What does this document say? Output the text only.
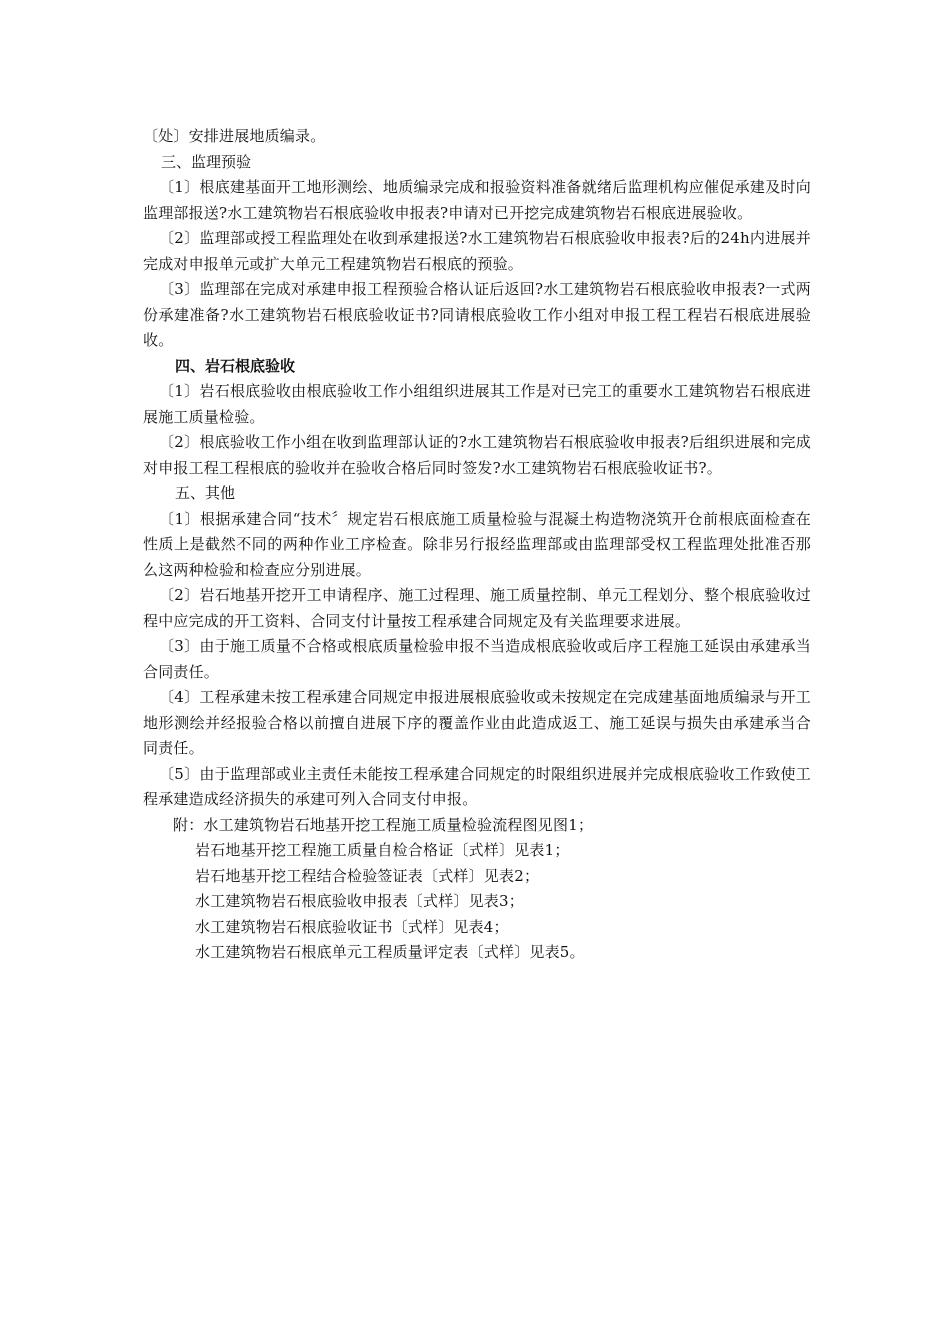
〔处〕安排进展地质编录。

三、监理预验

〔1〕根底建基面开工地形测绘、地质编录完成和报验资料准备就绪后监理机构应催促承建及时向监理部报送?水工建筑物岩石根底验收申报表?申请对已开挖完成建筑物岩石根底进展验收。

〔2〕监理部或授工程监理处在收到承建报送?水工建筑物岩石根底验收申报表?后的24h内进展并完成对申报单元或扩大单元工程建筑物岩石根底的预验。

〔3〕监理部在完成对承建申报工程预验合格认证后返回?水工建筑物岩石根底验收申报表?一式两份承建准备?水工建筑物岩石根底验收证书?同请根底验收工作小组对申报工程工程岩石根底进展验收。

四、岩石根底验收

〔1〕岩石根底验收由根底验收工作小组组织进展其工作是对已完工的重要水工建筑物岩石根底进展施工质量检验。

〔2〕根底验收工作小组在收到监理部认证的?水工建筑物岩石根底验收申报表?后组织进展和完成对申报工程工程根底的验收并在验收合格后同时签发?水工建筑物岩石根底验收证书?。

五、其他

〔1〕根据承建合同“技术〞规定岩石根底施工质量检验与混凝土构造物浇筑开仓前根底面检查在性质上是截然不同的两种作业工序检查。除非另行报经监理部或由监理部受权工程监理处批准否那么这两种检验和检查应分别进展。

〔2〕岩石地基开挖开工申请程序、施工过程理、施工质量控制、单元工程划分、整个根底验收过程中应完成的开工资料、合同支付计量按工程承建合同规定及有关监理要求进展。

〔3〕由于施工质量不合格或根底质量检验申报不当造成根底验收或后序工程施工延误由承建承当合同责任。

〔4〕工程承建未按工程承建合同规定申报进展根底验收或未按规定在完成建基面地质编录与开工地形测绘并经报验合格以前擅自进展下序的覆盖作业由此造成返工、施工延误与损失由承建承当合同责任。

〔5〕由于监理部或业主责任未能按工程承建合同规定的时限组织进展并完成根底验收工作致使工程承建造成经济损失的承建可列入合同支付申报。

附：水工建筑物岩石地基开挖工程施工质量检验流程图见图1；

岩石地基开挖工程施工质量自检合格证〔式样〕见表1；

岩石地基开挖工程结合检验签证表〔式样〕见表2；

水工建筑物岩石根底验收申报表〔式样〕见表3；

水工建筑物岩石根底验收证书〔式样〕见表4；

水工建筑物岩石根底单元工程质量评定表〔式样〕见表5。
